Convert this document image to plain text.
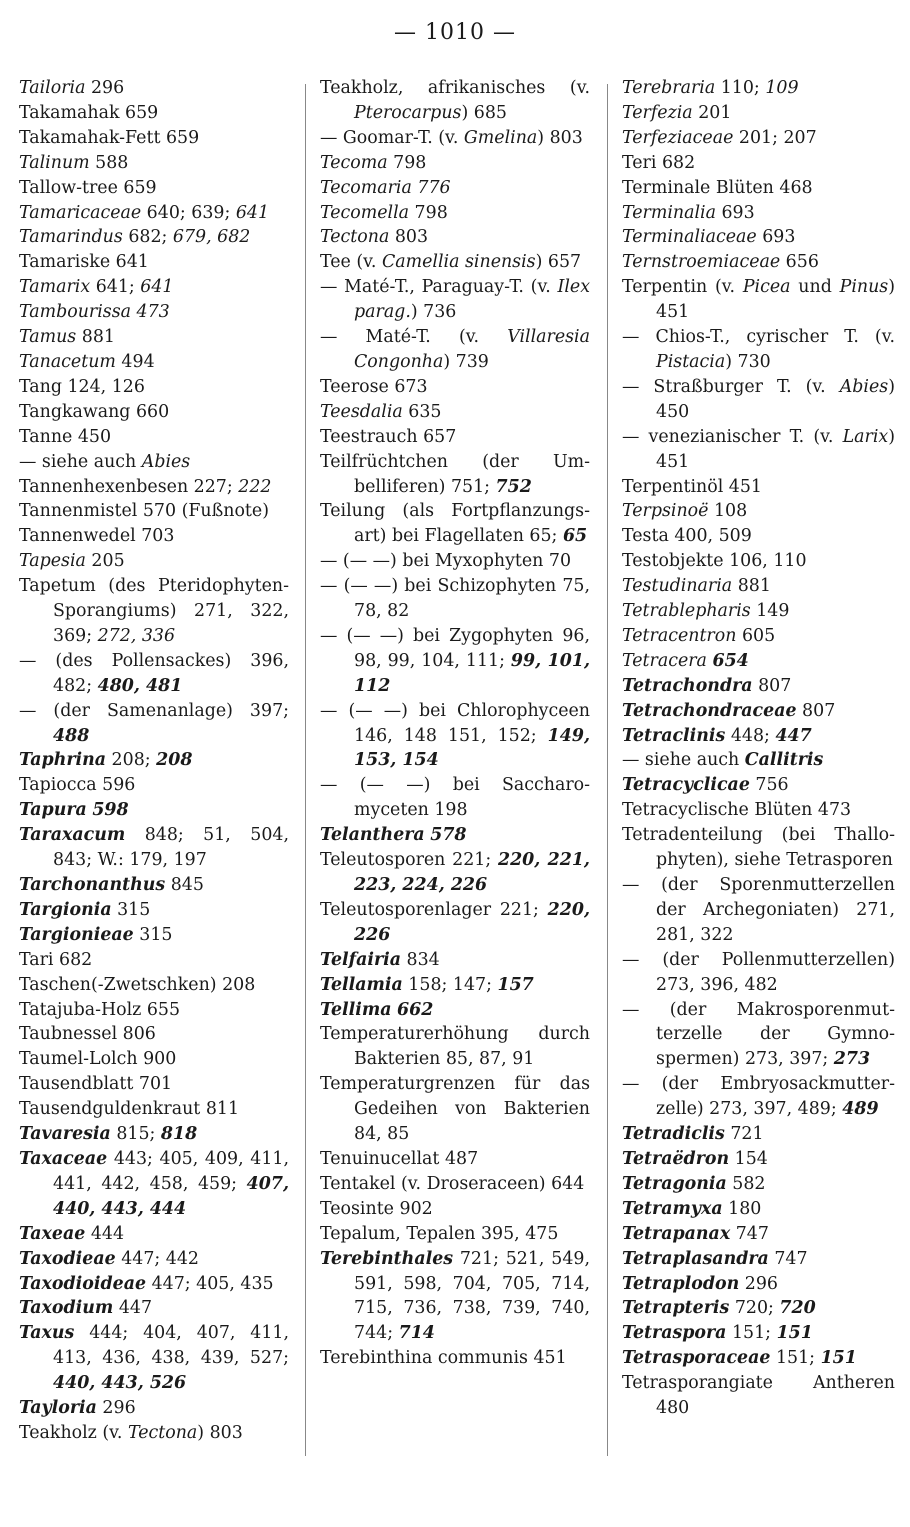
— 1010 —

Tailoria 296

Takamahak 659

Takamahak-Fett 659

Talinum 588

Tallow-tree 659

Tamaricaceae 640; 639; 641

Tamarindus 682; 679, 682

Tamariske 641

Tamarix 641; 641

Tambourissa 473

Tamus 881

Tanacetum 494

Tang 124, 126

Tangkawang 660

Tanne 450

— siehe auch Abies

Tannenhexenbesen 227; 222

Tannenmistel 570 (Fußnote)

Tannenwedel 703

Tapesia 205

Tapetum (des Pteridophyten-Sporangiums) 271, 322, 369; 272, 336

— (des Pollensackes) 396, 482; 480, 481

— (der Samenanlage) 397; 488

Taphrina 208; 208

Tapiocca 596

Tapura 598

Taraxacum 848; 51, 504, 843; W.: 179, 197

Tarchonanthus 845

Targionia 315

Targionieae 315

Tari 682

Taschen(-Zwetschken) 208

Tatajuba-Holz 655

Taubnessel 806

Taumel-Lolch 900

Tausendblatt 701

Tausendguldenkraut 811

Tavaresia 815; 818

Taxaceae 443; 405, 409, 411, 441, 442, 458, 459; 407, 440, 443, 444

Taxeae 444

Taxodieae 447; 442

Taxodioideae 447; 405, 435

Taxodium 447

Taxus 444; 404, 407, 411, 413, 436, 438, 439, 527; 440, 443, 526

Tayloria 296

Teakholz (v. Tectona) 803

Teakholz, afrikanisches (v. Pterocarpus) 685

— Goomar-T. (v. Gmelina) 803

Tecoma 798

Tecomaria 776

Tecomella 798

Tectona 803

Tee (v. Camellia sinensis) 657

— Maté-T., Paraguay-T. (v. Ilex parag.) 736

— Maté-T. (v. Villaresia Congonha) 739

Teerose 673

Teesdalia 635

Teestrauch 657

Teilfrüchtchen (der Umbelliferen) 751; 752

Teilung (als Fortpflanzungsart) bei Flagellaten 65; 65

— (— —) bei Myxophyten 70

— (— —) bei Schizophyten 75, 78, 82

— (— —) bei Zygophyten 96, 98, 99, 104, 111; 99, 101, 112

— (— —) bei Chlorophyceen 146, 148 151, 152; 149, 153, 154

— (— —) bei Saccharomyceten 198

Telanthera 578

Teleutosporen 221; 220, 221, 223, 224, 226

Teleutosporenlager 221; 220, 226

Telfairia 834

Tellamia 158; 147; 157

Tellima 662

Temperaturerhöhung durch Bakterien 85, 87, 91

Temperaturgrenzen für das Gedeihen von Bakterien 84, 85

Tenuinucellat 487

Tentakel (v. Droseraceen) 644

Teosinte 902

Tepalum, Tepalen 395, 475

Terebinthales 721; 521, 549, 591, 598, 704, 705, 714, 715, 736, 738, 739, 740, 744; 714

Terebinthina communis 451

Terebraria 110; 109

Terfezia 201

Terfeziaceae 201; 207

Teri 682

Terminale Blüten 468

Terminalia 693

Terminaliaceae 693

Ternstroemiaceae 656

Terpentin (v. Picea und Pinus) 451

— Chios-T., cyrischer T. (v. Pistacia) 730

— Straßburger T. (v. Abies) 450

— venezianischer T. (v. Larix) 451

Terpentinöl 451

Terpsinoë 108

Testa 400, 509

Testobjekte 106, 110

Testudinaria 881

Tetrablepharis 149

Tetracentron 605

Tetracera 654

Tetrachondra 807

Tetrachondraceae 807

Tetraclinis 448; 447

— siehe auch Callitris

Tetracyclicae 756

Tetracyclische Blüten 473

Tetradenteilung (bei Thallophyten), siehe Tetrasporen

— (der Sporenmutterzellen der Archegoniaten) 271, 281, 322

— (der Pollenmutterzellen) 273, 396, 482

— (der Makrosporenmutterzelle der Gymnospermen) 273, 397; 273

— (der Embryosackmutterzelle) 273, 397, 489; 489

Tetradiclis 721

Tetraëdron 154

Tetragonia 582

Tetramyxa 180

Tetrapanax 747

Tetraplasandra 747

Tetraplodon 296

Tetrapteris 720; 720

Tetraspora 151; 151

Tetrasporaceae 151; 151

Tetrasporangiate Antheren 480
